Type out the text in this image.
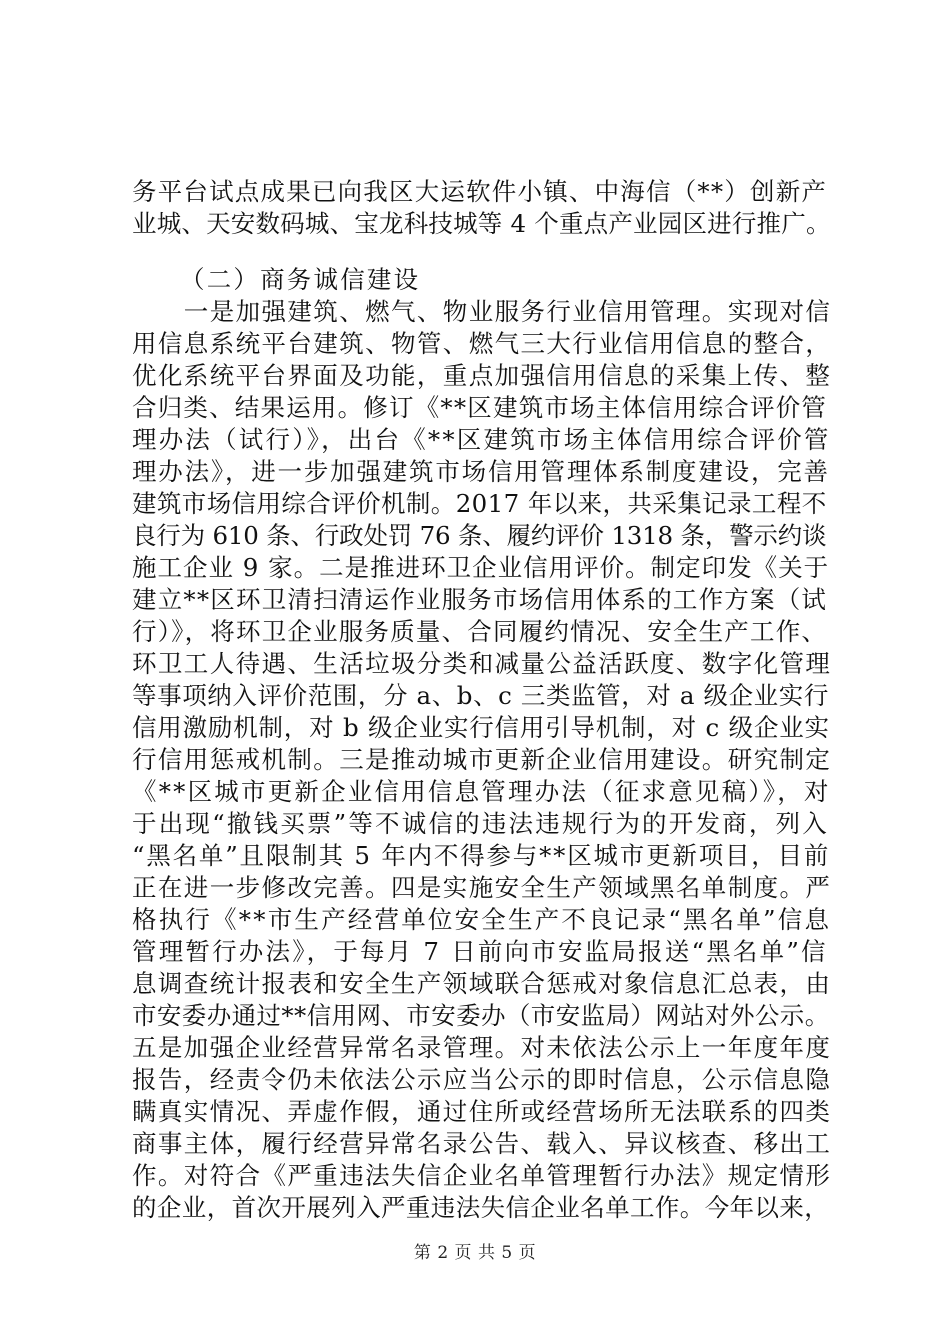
务平台试点成果已向我区大运软件小镇、中海信（**）创新产
业城、天安数码城、宝龙科技城等 4 个重点产业园区进行推广。
（二）商务诚信建设
　　一是加强建筑、燃气、物业服务行业信用管理。实现对信
用信息系统平台建筑、物管、燃气三大行业信用信息的整合，
优化系统平台界面及功能，重点加强信用信息的采集上传、整
合归类、结果运用。修订《**区建筑市场主体信用综合评价管
理办法（试行）》，出台《**区建筑市场主体信用综合评价管
理办法》，进一步加强建筑市场信用管理体系制度建设，完善
建筑市场信用综合评价机制。2017 年以来，共采集记录工程不
良行为 610 条、行政处罚 76 条、履约评价 1318 条，警示约谈
施工企业 9 家。二是推进环卫企业信用评价。制定印发《关于
建立**区环卫清扫清运作业服务市场信用体系的工作方案（试
行）》，将环卫企业服务质量、合同履约情况、安全生产工作、
环卫工人待遇、生活垃圾分类和减量公益活跃度、数字化管理
等事项纳入评价范围，分 a、b、c 三类监管，对 a 级企业实行
信用激励机制，对 b 级企业实行信用引导机制，对 c 级企业实
行信用惩戒机制。三是推动城市更新企业信用建设。研究制定
《**区城市更新企业信用信息管理办法（征求意见稿）》，对
于出现“撤钱买票”等不诚信的违法违规行为的开发商，列入
“黑名单”且限制其 5 年内不得参与**区城市更新项目，目前
正在进一步修改完善。四是实施安全生产领域黑名单制度。严
格执行《**市生产经营单位安全生产不良记录“黑名单”信息
管理暂行办法》，于每月 7 日前向市安监局报送“黑名单”信
息调查统计报表和安全生产领域联合惩戒对象信息汇总表，由
市安委办通过**信用网、市安委办（市安监局）网站对外公示。
五是加强企业经营异常名录管理。对未依法公示上一年度年度
报告，经责令仍未依法公示应当公示的即时信息，公示信息隐
瞒真实情况、弄虚作假，通过住所或经营场所无法联系的四类
商事主体，履行经营异常名录公告、载入、异议核查、移出工
作。对符合《严重违法失信企业名单管理暂行办法》规定情形
的企业，首次开展列入严重违法失信企业名单工作。今年以来，
第 2 页 共 5 页
